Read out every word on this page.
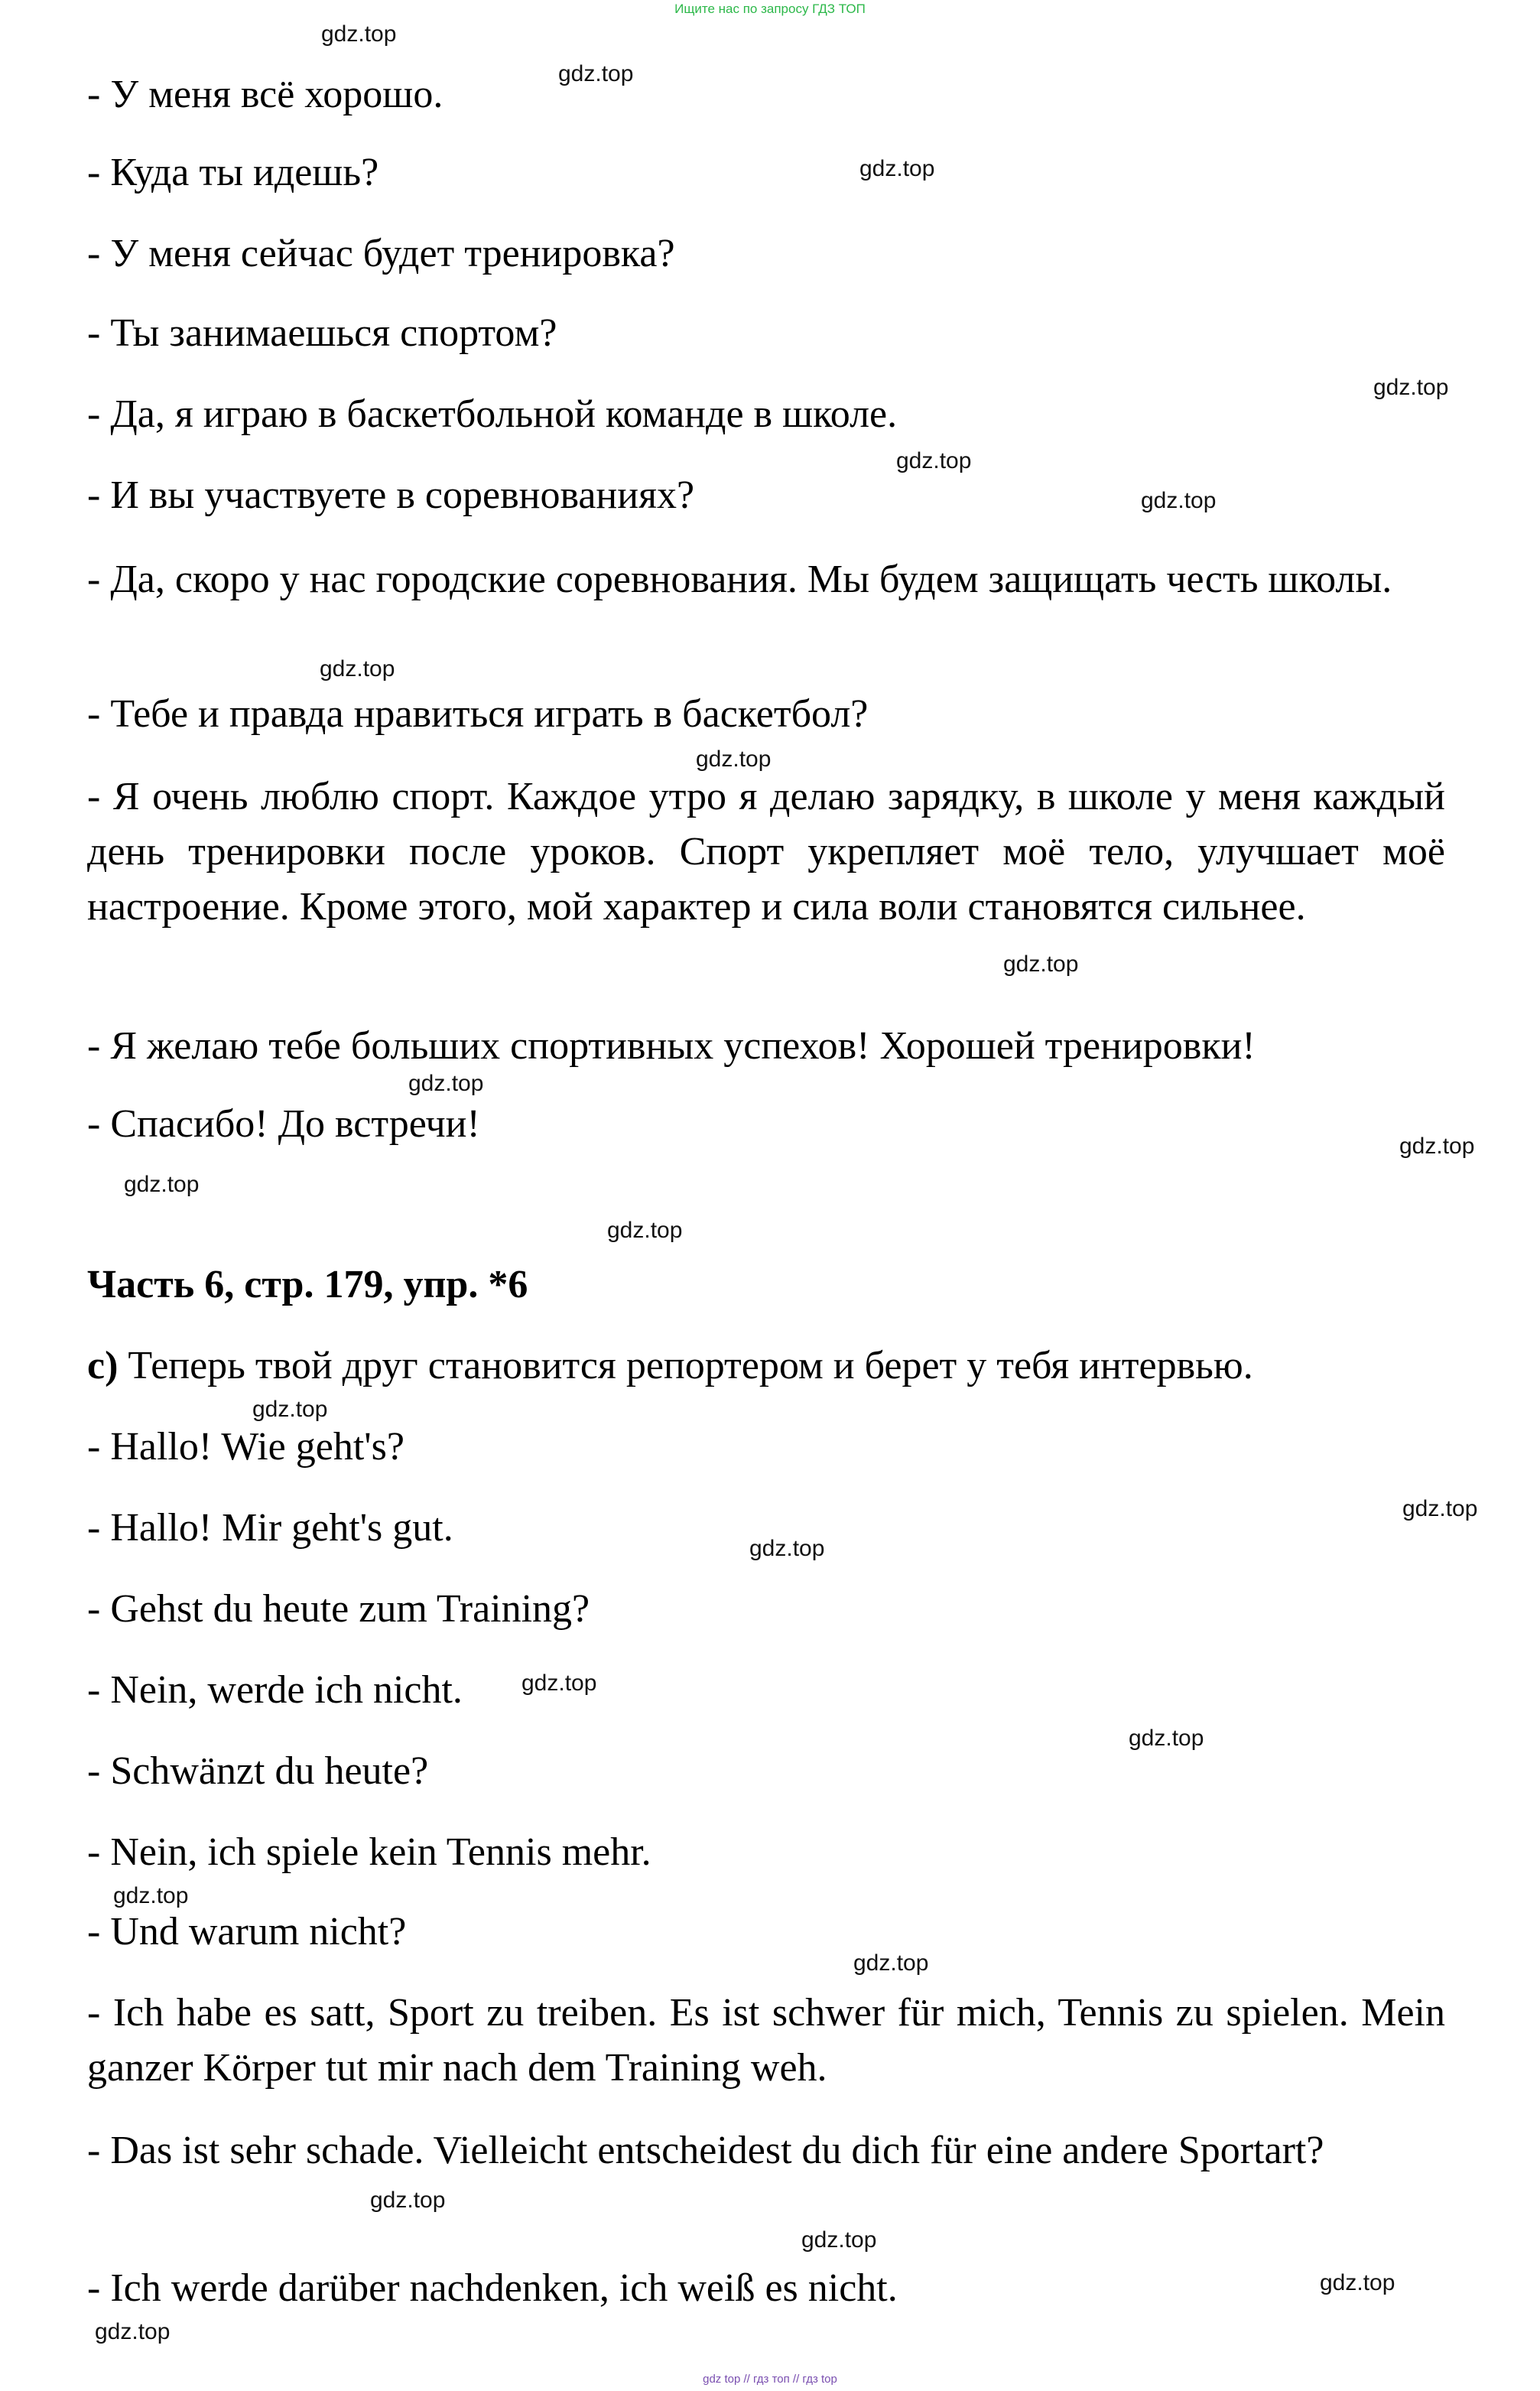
Ищите нас по запросу ГДЗ ТОП
- У меня всё хорошо.
- Куда ты идешь?
- У меня сейчас будет тренировка?
- Ты занимаешься спортом?
- Да, я играю в баскетбольной команде в школе.
- И вы участвуете в соревнованиях?
- Да, скоро у нас городские соревнования. Мы будем защищать честь школы.
- Тебе и правда нравиться играть в баскетбол?
- Я очень люблю спорт. Каждое утро я делаю зарядку, в школе у меня каждый день тренировки после уроков. Спорт укрепляет моё тело, улучшает моё настроение. Кроме этого, мой характер и сила воли становятся сильнее.
- Я желаю тебе больших спортивных успехов! Хорошей тренировки!
- Спасибо! До встречи!
Часть 6, стр. 179, упр. *6
c) Теперь твой друг становится репортером и берет у тебя интервью.
- Hallo! Wie geht's?
- Hallo! Mir geht's gut.
- Gehst du heute zum Training?
- Nein, werde ich nicht.
- Schwänzt du heute?
- Nein, ich spiele kein Tennis mehr.
- Und warum nicht?
- Ich habe es satt, Sport zu treiben. Es ist schwer für mich, Tennis zu spielen. Mein ganzer Körper tut mir nach dem Training weh.
- Das ist sehr schade. Vielleicht entscheidest du dich für eine andere Sportart?
- Ich werde darüber nachdenken, ich weiß es nicht.
gdz.top
gdz.top
gdz.top
gdz.top
gdz.top
gdz.top
gdz.top
gdz.top
gdz.top
gdz.top
gdz.top
gdz.top
gdz.top
gdz.top
gdz.top
gdz.top
gdz.top
gdz.top
gdz.top
gdz.top
gdz.top
gdz.top
gdz.top
gdz.top
gdz top // гдз топ // гдз top
